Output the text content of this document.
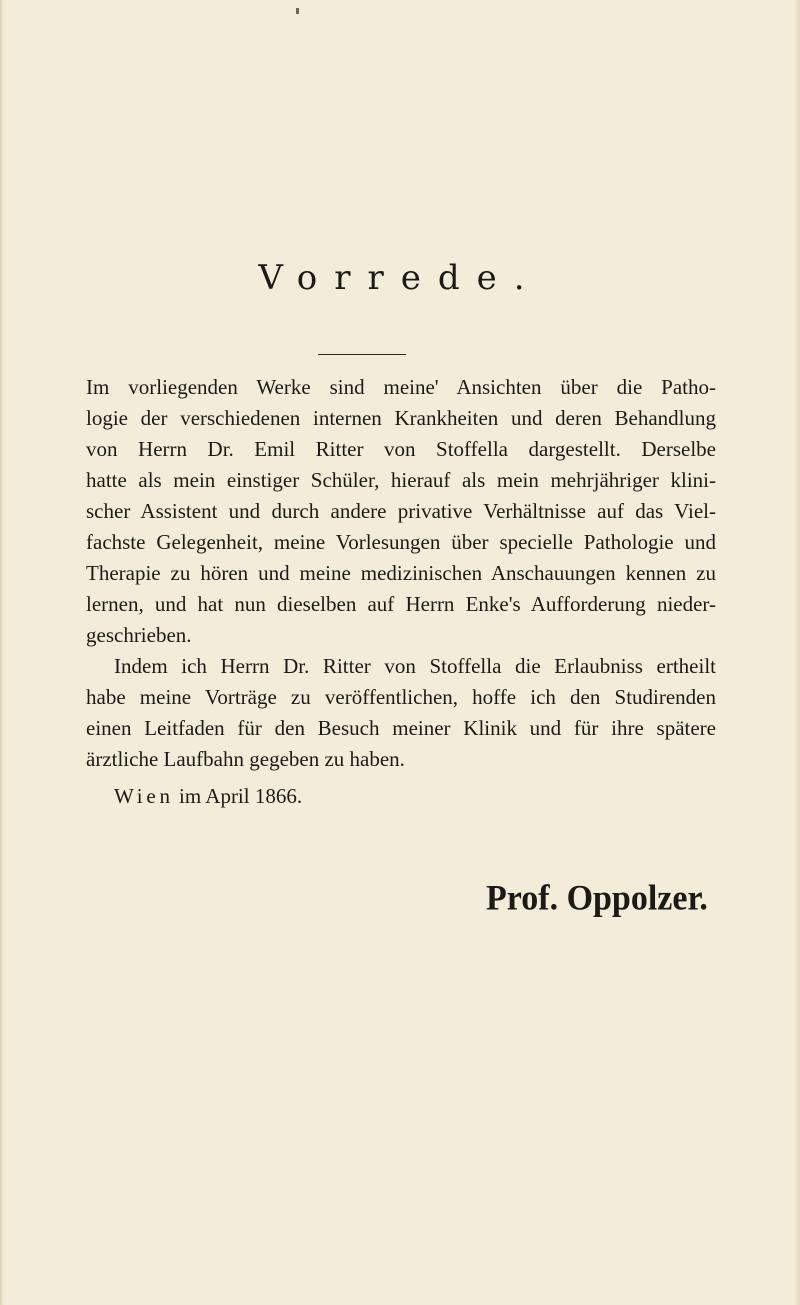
Vorrede.
Im vorliegenden Werke sind meine' Ansichten über die Patho-
logie der verschiedenen internen Krankheiten und deren Behandlung
von Herrn Dr. Emil Ritter von Stoffella dargestellt. Derselbe
hatte als mein einstiger Schüler, hierauf als mein mehrjähriger klini-
scher Assistent und durch andere privative Verhältnisse auf das Viel-
fachste Gelegenheit, meine Vorlesungen über specielle Pathologie und
Therapie zu hören und meine medizinischen Anschauungen kennen zu
lernen, und hat nun dieselben auf Herrn Enke's Aufforderung nieder-
geschrieben.
Indem ich Herrn Dr. Ritter von Stoffella die Erlaubniss ertheilt
habe meine Vorträge zu veröffentlichen, hoffe ich den Studirenden
einen Leitfaden für den Besuch meiner Klinik und für ihre spätere
ärztliche Laufbahn gegeben zu haben.
Wien im April 1866.
Prof. Oppolzer.
